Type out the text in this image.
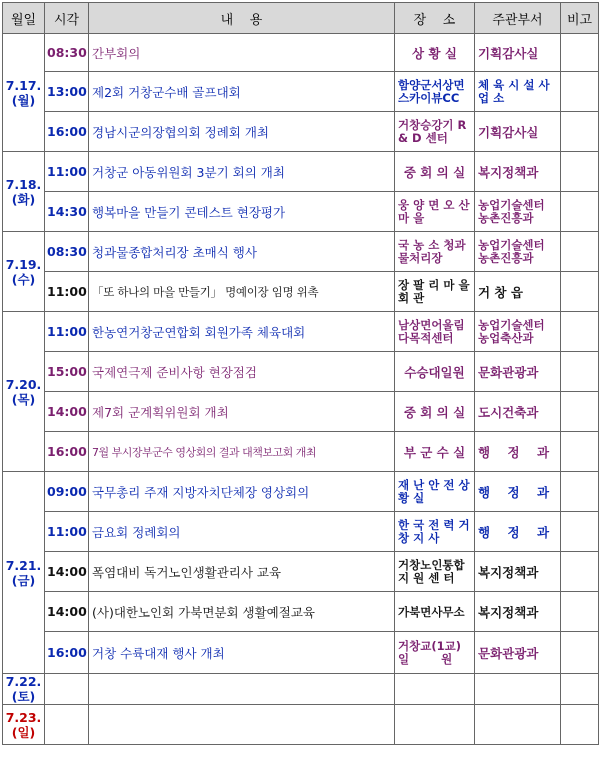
월일	시각	내    용	장    소	주관부서	비고
7.17.
(월)	08:30	간부회의	상 황 실	기획감사실	
	13:00	제2회 거창군수배 골프대회	함양군서상면 스카이뷰CC	체 육 시 설 사 업 소	
	16:00	경남시군의장협의회 정례회 개최	거창승강기 R & D 센터	기획감사실	
7.18.
(화)	11:00	거창군 아동위원회 3분기 회의 개최	중 회 의 실	복지정책과	
	14:30	행복마을 만들기 콘테스트 현장평가	웅 양 면 오 산 마 을	농업기술센터 농촌진흥과	
7.19.
(수)	08:30	청과물종합처리장 초매식 행사	국 농 소 청과물처리장	농업기술센터 농촌진흥과	
	11:00	「또 하나의 마을 만들기」 명예이장 임명 위촉	장 팔 리 마 을 회 관	거 창 읍	
7.20.
(목)	11:00	한농연거창군연합회 회원가족 체육대회	남상면어울림 다목적센터	농업기술센터 농업축산과	
	15:00	국제연극제 준비사항 현장점검	수승대일원	문화관광과	
	14:00	제7회 군계획위원회 개최	중 회 의 실	도시건축과	
	16:00	7월 부시장부군수 영상회의 결과 대책보고회 개최	부 군 수 실	행    정    과	
7.21.
(금)	09:00	국무총리 주재 지방자치단체장 영상회의	재 난 안 전 상 황 실	행    정    과	
	11:00	금요회 정례회의	한 국 전 력 거 창 지 사	행    정    과	
	14:00	폭염대비 독거노인생활관리사 교육	거창노인통합 지 원 센 터	복지정책과	
	14:00	(사)대한노인회 가북면분회 생활예절교육	가북면사무소	복지정책과	
	16:00	거창 수륙대재 행사 개최	거창교(1교) 일        원	문화관광과	
7.22.
(토)					
7.23.
(일)					
